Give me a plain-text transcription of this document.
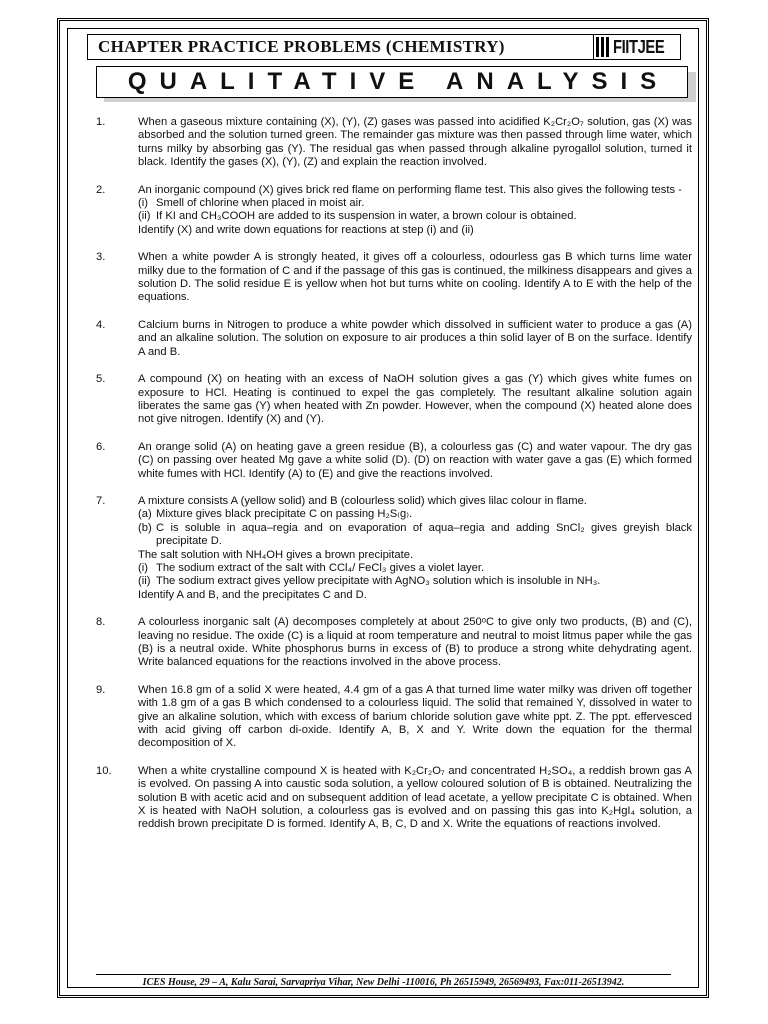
CHAPTER PRACTICE PROBLEMS (CHEMISTRY)	FIITJEE
QUALITATIVE ANALYSIS
1.	When a gaseous mixture containing (X), (Y), (Z) gases was passed into acidified K₂Cr₂O₇ solution, gas (X) was absorbed and the solution turned green. The remainder gas mixture was then passed through lime water, which turns milky by absorbing gas (Y). The residual gas when passed through alkaline pyrogallol solution, turned it black. Identify the gases (X), (Y), (Z) and explain the reaction involved.

2.	An inorganic compound (X) gives brick red flame on performing flame test. This also gives the following tests -

(i) Smell of chlorine when placed in moist air.
(ii) If KI and CH₃COOH are added to its suspension in water, a brown colour is obtained.

Identify (X) and write down equations for reactions at step (i) and (ii)

3.	When a white powder A is strongly heated, it gives off a colourless, odourless gas B which turns lime water milky due to the formation of C and if the passage of this gas is continued, the milkiness disappears and gives a solution D. The solid residue E is yellow when hot but turns white on cooling. Identify A to E with the help of the equations.

4.	Calcium burns in Nitrogen to produce a white powder which dissolved in sufficient water to produce a gas (A) and an alkaline solution. The solution on exposure to air produces a thin solid layer of B on the surface. Identify A and B.

5.	A compound (X) on heating with an excess of NaOH solution gives a gas (Y) which gives white fumes on exposure to HCl. Heating is continued to expel the gas completely. The resultant alkaline solution again liberates the same gas (Y) when heated with Zn powder. However, when the compound (X) heated alone does not give nitrogen. Identify (X) and (Y).

6.	An orange solid (A) on heating gave a green residue (B), a colourless gas (C) and water vapour. The dry gas (C) on passing over heated Mg gave a white solid (D). (D) on reaction with water gave a gas (E) which formed white fumes with HCl. Identify (A) to (E) and give the reactions involved.

7.	A mixture consists A (yellow solid) and B (colourless solid) which gives lilac colour in flame.

(a) Mixture gives black precipitate C on passing H₂S₍g₎.
(b) C is soluble in aqua–regia and on evaporation of aqua–regia and adding SnCl₂ gives greyish black precipitate D.

The salt solution with NH₄OH gives a brown precipitate.

(i) The sodium extract of the salt with CCl₄/ FeCl₃ gives a violet layer.
(ii) The sodium extract gives yellow precipitate with AgNO₃ solution which is insoluble in NH₃.

Identify A and B, and the precipitates C and D.

8.	A colourless inorganic salt (A) decomposes completely at about 250ᵒC to give only two products, (B) and (C), leaving no residue. The oxide (C) is a liquid at room temperature and neutral to moist litmus paper while the gas (B) is a neutral oxide. White phosphorus burns in excess of (B) to produce a strong white dehydrating agent. Write balanced equations for the reactions involved in the above process.

9.	When 16.8 gm of a solid X were heated, 4.4 gm of a gas A that turned lime water milky was driven off together with 1.8 gm of a gas B which condensed to a colourless liquid. The solid that remained Y, dissolved in water to give an alkaline solution, which with excess of barium chloride solution gave white ppt. Z. The ppt. effervesced with acid giving off carbon di-oxide. Identify A, B, X and Y. Write down the equation for the thermal decomposition of X.

10.	When a white crystalline compound X is heated with K₂Cr₂O₇ and concentrated H₂SO₄, a reddish brown gas A is evolved. On passing A into caustic soda solution, a yellow coloured solution of B is obtained. Neutralizing the solution B with acetic acid and on subsequent addition of lead acetate, a yellow precipitate C is obtained. When X is heated with NaOH solution, a colourless gas is evolved and on passing this gas into K₂HgI₄ solution, a reddish brown precipitate D is formed. Identify A, B, C, D and X. Write the equations of reactions involved.

ICES House, 29 – A, Kalu Sarai, Sarvapriya Vihar, New Delhi -110016, Ph 26515949, 26569493, Fax:011-26513942.
